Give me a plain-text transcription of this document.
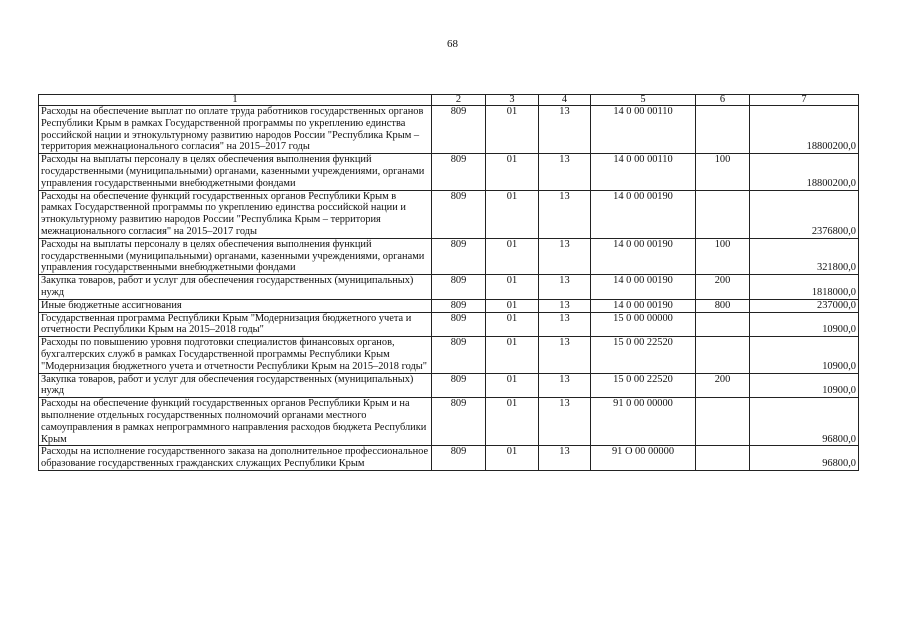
68
1	2	3	4	5	6	7
Расходы на обеспечение выплат по оплате труда работников государственных органов Республики Крым в рамках Государственной программы по укреплению единства российской нации и этнокультурному развитию народов России "Республика Крым – территория межнационального согласия" на 2015–2017 годы	809	01	13	14 0 00 00110		18800200,0
Расходы на выплаты персоналу в целях обеспечения выполнения функций государственными (муниципальными) органами, казенными учреждениями, органами управления государственными внебюджетными фондами	809	01	13	14 0 00 00110	100	18800200,0
Расходы на обеспечение функций государственных органов Республики Крым в рамках Государственной программы по укреплению единства российской нации и этнокультурному развитию народов России "Республика Крым – территория межнационального согласия" на 2015–2017 годы	809	01	13	14 0 00 00190		2376800,0
Расходы на выплаты персоналу в целях обеспечения выполнения функций государственными (муниципальными) органами, казенными учреждениями, органами управления государственными внебюджетными фондами	809	01	13	14 0 00 00190	100	321800,0
Закупка товаров, работ и услуг для обеспечения государственных (муниципальных) нужд	809	01	13	14 0 00 00190	200	1818000,0
Иные бюджетные ассигнования	809	01	13	14 0 00 00190	800	237000,0
Государственная программа Республики Крым "Модернизация бюджетного учета и отчетности Республики Крым на 2015–2018 годы"	809	01	13	15 0 00 00000		10900,0
Расходы по повышению уровня подготовки специалистов финансовых органов, бухгалтерских служб в рамках Государственной программы Республики Крым "Модернизация бюджетного учета и отчетности Республики Крым на 2015–2018 годы"	809	01	13	15 0 00 22520		10900,0
Закупка товаров, работ и услуг для обеспечения государственных (муниципальных) нужд	809	01	13	15 0 00 22520	200	10900,0
Расходы на обеспечение функций государственных органов Республики Крым и на выполнение отдельных государственных полномочий органами местного самоуправления в рамках непрограммного направления расходов бюджета Республики Крым	809	01	13	91 0 00 00000		96800,0
Расходы на исполнение государственного заказа на дополнительное профессиональное образование государственных гражданских служащих Республики Крым	809	01	13	91 О 00 00000		96800,0
